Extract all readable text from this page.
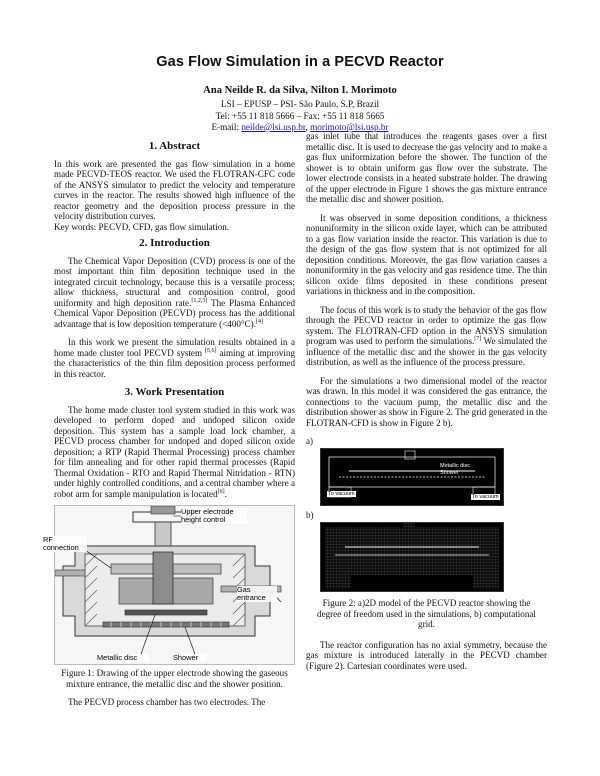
Gas Flow Simulation in a PECVD Reactor
Ana Neilde R. da Silva, Nilton I. Morimoto
LSI – EPUSP – PSI- São Paulo, S.P, Brazil
Tel: +55 11 818 5666 – Fax: +55 11 818 5665
E-mail: neilde@lsi.usp.br, morimoto@lsi.usp.br
1. Abstract

In this work are presented the gas flow simulation in a home made PECVD-TEOS reactor. We used the FLOTRAN-CFC code of the ANSYS simulator to predict the velocity and temperature curves in the reactor. The results showed high influence of the reactor geometry and the deposition process pressure in the velocity distribution curves.

Key words: PECVD, CFD, gas flow simulation.

2. Introduction

The Chemical Vapor Deposition (CVD) process is one of the most important thin film deposition technique used in the integrated circuit technology, because this is a versatile process; allow thickness, structural and composition control, good uniformity and high deposition rate.[1,2,3] The Plasma Enhanced Chemical Vapor Deposition (PECVD) process has the additional advantage that is low deposition temperature (<400°C).[4]

In this work we present the simulation results obtained in a home made cluster tool PECVD system [5,6] aiming at improving the characteristics of the thin film deposition process performed in this reactor.

3. Work Presentation

The home made cluster tool system studied in this work was developed to perform doped and undoped silicon oxide deposition. This system has a sample load lock chamber, a PECVD process chamber for undoped and doped silicon oxide deposition; a RTP (Rapid Thermal Processing) process chamber for film annealing and for other rapid thermal processes (Rapid Thermal Oxidation - RTO and Rapid Thermal Nitridation - RTN) under highly controlled conditions, and a central chamber where a robot arm for sample manipulation is located[6].

Upper electrode height control
RF connection
Gas entrance
Metallic disc	Shower
Figure 1: Drawing of the upper electrode showing the gaseous mixture entrance, the metallic disc and the shower position.

The PECVD process chamber has two electrodes. The

gas inlet tube that introduces the reagents gases over a first metallic disc. It is used to decrease the gas velocity and to make a gas flux uniformization before the shower. The function of the shower is to obtain uniform gas flow over the substrate. The lower electrode consists in a heated substrate holder. The drawing of the upper electrode in Figure 1 shows the gas mixture entrance the metallic disc and shower position.

It was observed in some deposition conditions, a thickness nonuniformity in the silicon oxide layer, which can be attributed to a gas flow variation inside the reactor. This variation is due to the design of the gas flow system that is not optimized for all deposition conditions. Moreover, the gas flow variation causes a nonuniformity in the gas velocity and gas residence time. The thin silicon oxide films deposited in these conditions present variations in thickness and in the composition.

The focus of this work is to study the behavior of the gas flow through the PECVD reactor in order to optimize the gas flow system. The FLOTRAN-CFD option in the ANSYS simulation program was used to perform the simulations.[7] We simulated the influence of the metallic disc and the shower in the gas velocity distribution, as well as the influence of the process pressure.

For the simulations a two dimensional model of the reactor was drawn. In this model it was considered the gas entrance, the connections to the vacuum pump, the metallic disc and the distribution shower as show in Figure 2. The grid generated in the FLOTRAN-CFD is show in Figure 2 b).

a)
Metallic disc
Shower
To vacuum	To vacuum
b)
Figure 2: a)2D model of the PECVD reactor showing the degree of freedom used in the simulations, b) computational grid.

The reactor configuration has no axial symmetry, because the gas mixture is introduced laterally in the PECVD chamber (Figure 2). Cartesian coordinates were used.
